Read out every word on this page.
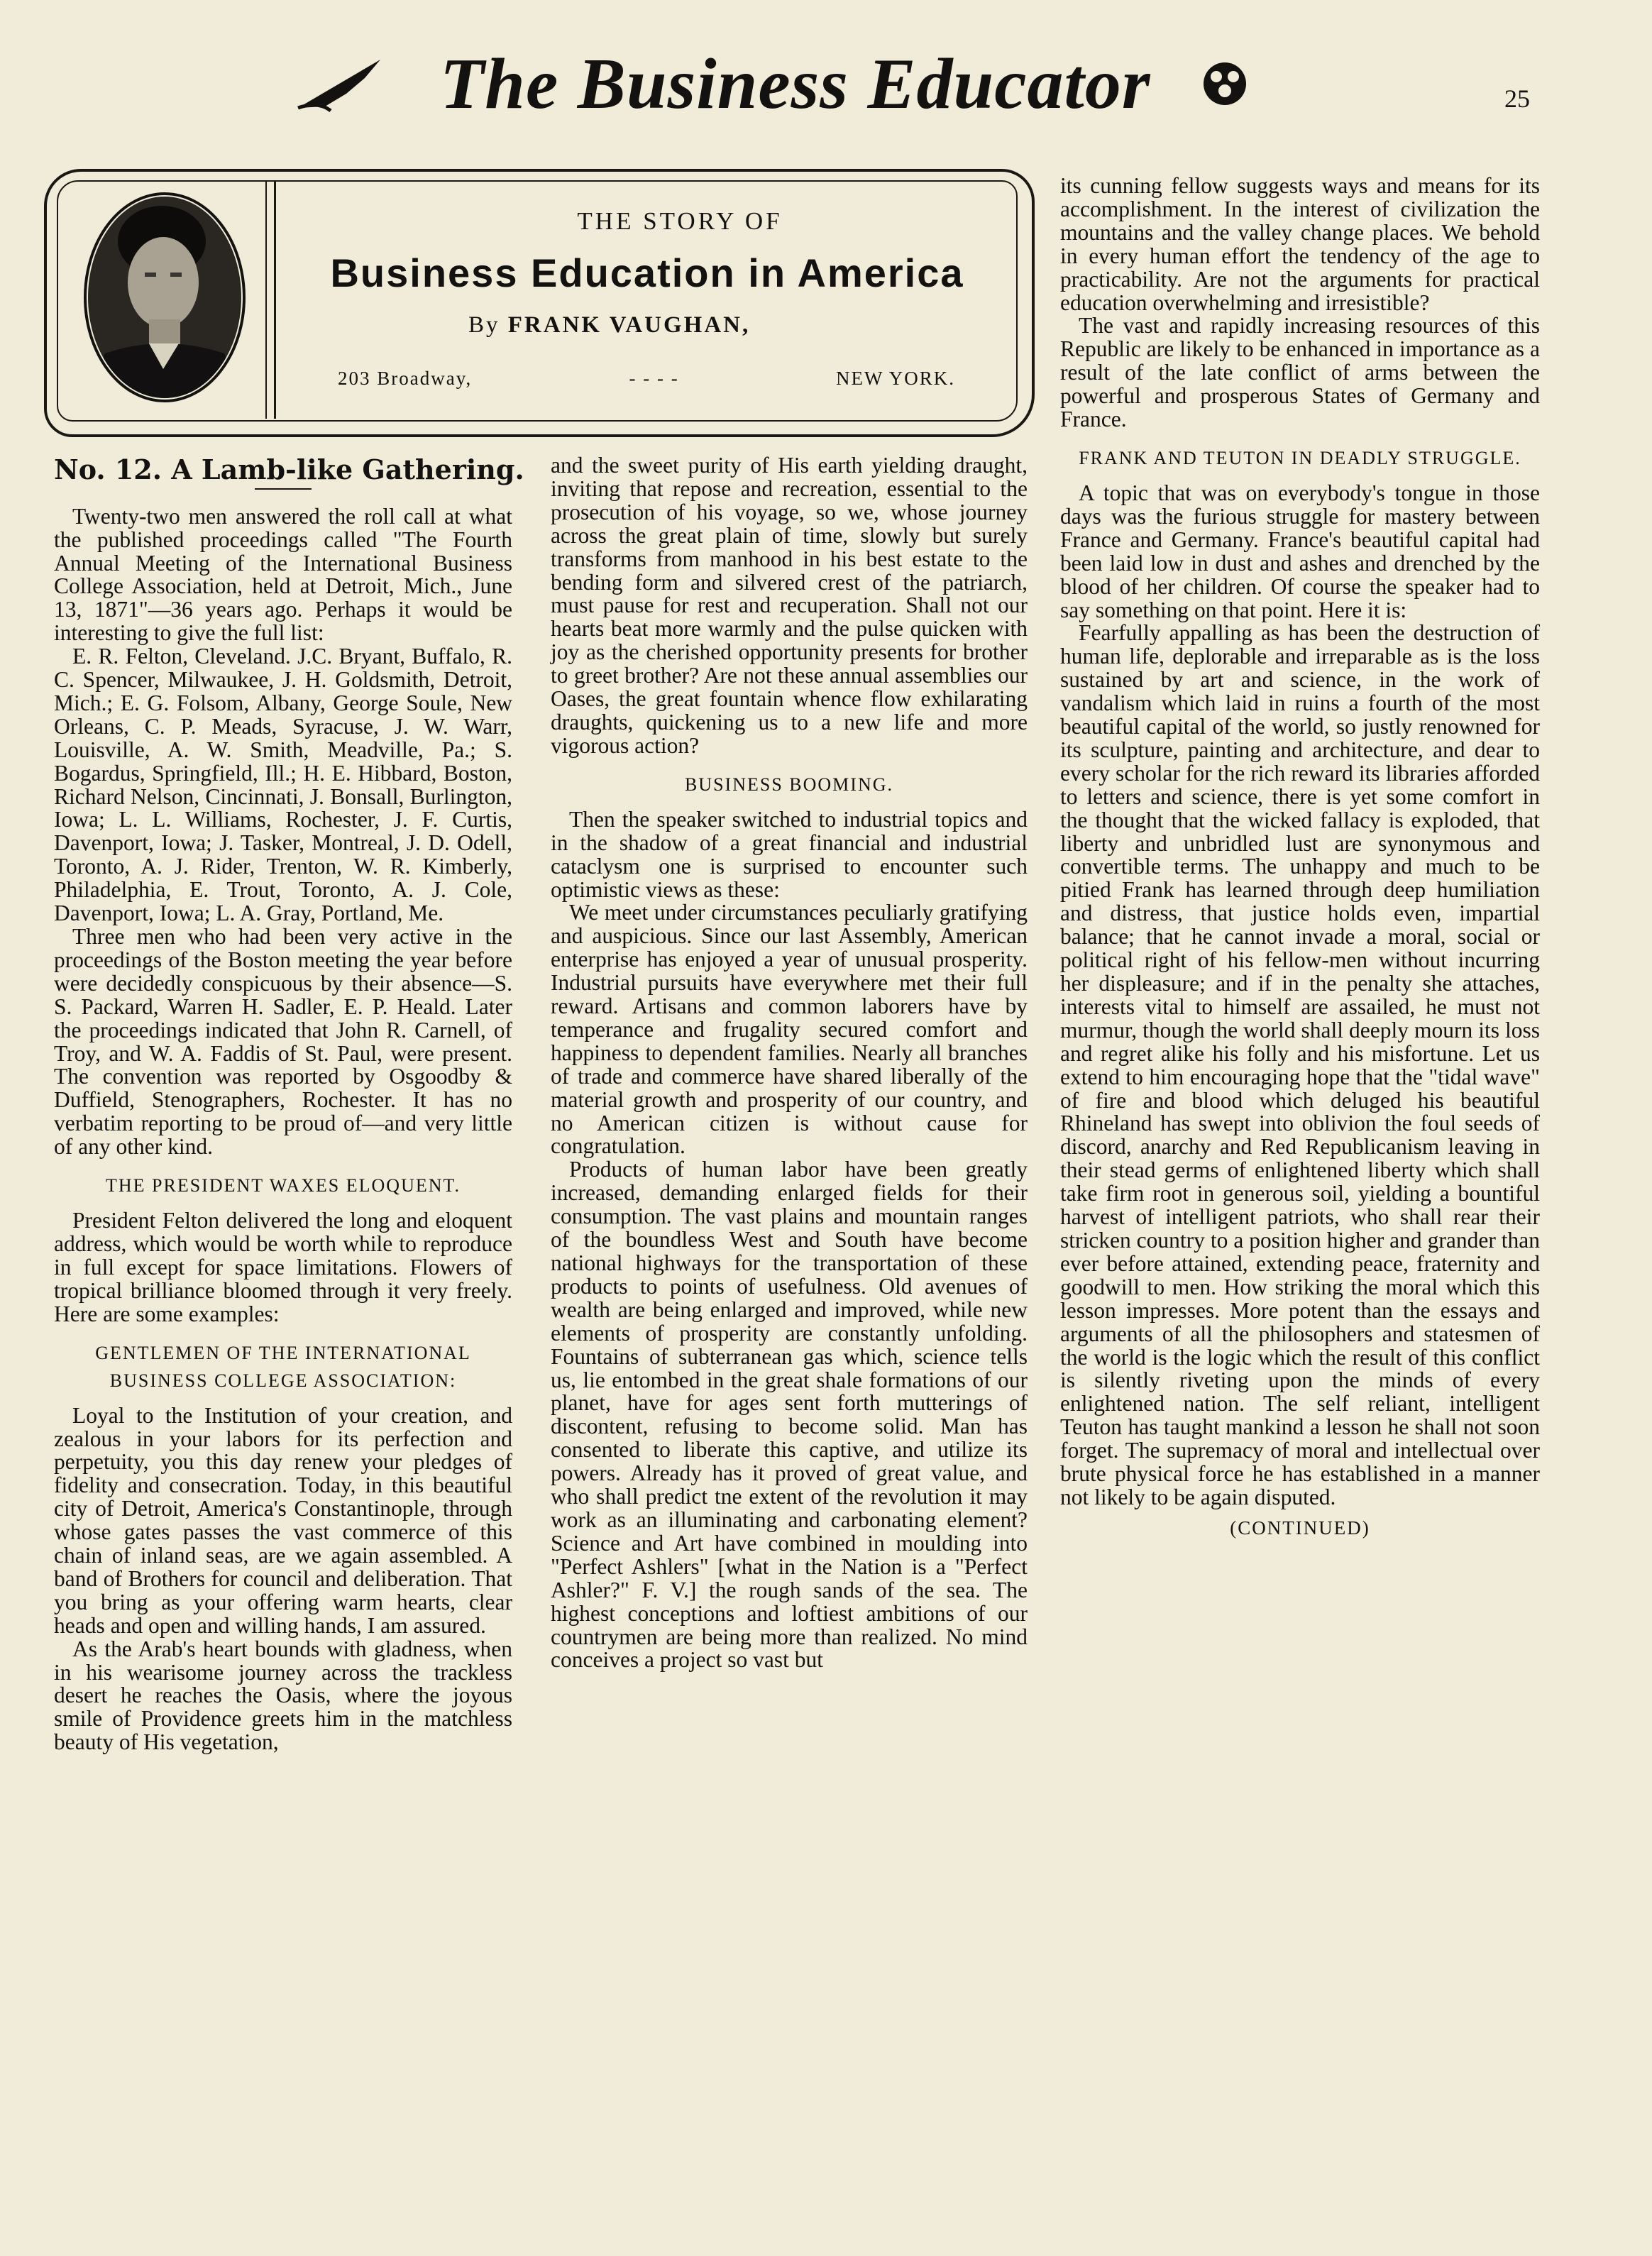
The Business Educator	25
THE STORY OF
Business Education in America
By FRANK VAUGHAN,
203 Broadway,	- - - -	NEW YORK.
No. 12. A Lamb-like Gathering.

Twenty-two men answered the roll call at what the published proceedings called "The Fourth Annual Meeting of the International Business College Association, held at Detroit, Mich., June 13, 1871"—36 years ago. Perhaps it would be interesting to give the full list:

E. R. Felton, Cleveland. J.C. Bryant, Buffalo, R. C. Spencer, Milwaukee, J. H. Goldsmith, Detroit, Mich.; E. G. Folsom, Albany, George Soule, New Orleans, C. P. Meads, Syracuse, J. W. Warr, Louisville, A. W. Smith, Meadville, Pa.; S. Bogardus, Springfield, Ill.; H. E. Hibbard, Boston, Richard Nelson, Cincinnati, J. Bonsall, Burlington, Iowa; L. L. Williams, Rochester, J. F. Curtis, Davenport, Iowa; J. Tasker, Montreal, J. D. Odell, Toronto, A. J. Rider, Trenton, W. R. Kimberly, Philadelphia, E. Trout, Toronto, A. J. Cole, Davenport, Iowa; L. A. Gray, Portland, Me.

Three men who had been very active in the proceedings of the Boston meeting the year before were decidedly conspicuous by their absence—S. S. Packard, Warren H. Sadler, E. P. Heald. Later the proceedings indicated that John R. Carnell, of Troy, and W. A. Faddis of St. Paul, were present. The convention was reported by Osgoodby & Duffield, Stenographers, Rochester. It has no verbatim reporting to be proud of—and very little of any other kind.

THE PRESIDENT WAXES ELOQUENT.

President Felton delivered the long and eloquent address, which would be worth while to reproduce in full except for space limitations. Flowers of tropical brilliance bloomed through it very freely. Here are some examples:

GENTLEMEN OF THE INTERNATIONAL BUSINESS COLLEGE ASSOCIATION:

Loyal to the Institution of your creation, and zealous in your labors for its perfection and perpetuity, you this day renew your pledges of fidelity and consecration. Today, in this beautiful city of Detroit, America's Constantinople, through whose gates passes the vast commerce of this chain of inland seas, are we again assembled. A band of Brothers for council and deliberation. That you bring as your offering warm hearts, clear heads and open and willing hands, I am assured.

As the Arab's heart bounds with gladness, when in his wearisome journey across the trackless desert he reaches the Oasis, where the joyous smile of Providence greets him in the matchless beauty of His vegetation,

and the sweet purity of His earth yielding draught, inviting that repose and recreation, essential to the prosecution of his voyage, so we, whose journey across the great plain of time, slowly but surely transforms from manhood in his best estate to the bending form and silvered crest of the patriarch, must pause for rest and recuperation. Shall not our hearts beat more warmly and the pulse quicken with joy as the cherished opportunity presents for brother to greet brother? Are not these annual assemblies our Oases, the great fountain whence flow exhilarating draughts, quickening us to a new life and more vigorous action?

BUSINESS BOOMING.

Then the speaker switched to industrial topics and in the shadow of a great financial and industrial cataclysm one is surprised to encounter such optimistic views as these:

We meet under circumstances peculiarly gratifying and auspicious. Since our last Assembly, American enterprise has enjoyed a year of unusual prosperity. Industrial pursuits have everywhere met their full reward. Artisans and common laborers have by temperance and frugality secured comfort and happiness to dependent families. Nearly all branches of trade and commerce have shared liberally of the material growth and prosperity of our country, and no American citizen is without cause for congratulation.

Products of human labor have been greatly increased, demanding enlarged fields for their consumption. The vast plains and mountain ranges of the boundless West and South have become national highways for the transportation of these products to points of usefulness. Old avenues of wealth are being enlarged and improved, while new elements of prosperity are constantly unfolding. Fountains of subterranean gas which, science tells us, lie entombed in the great shale formations of our planet, have for ages sent forth mutterings of discontent, refusing to become solid. Man has consented to liberate this captive, and utilize its powers. Already has it proved of great value, and who shall predict tne extent of the revolution it may work as an illuminating and carbonating element? Science and Art have combined in moulding into "Perfect Ashlers" [what in the Nation is a "Perfect Ashler?" F. V.] the rough sands of the sea. The highest conceptions and loftiest ambitions of our countrymen are being more than realized. No mind conceives a project so vast but

its cunning fellow suggests ways and means for its accomplishment. In the interest of civilization the mountains and the valley change places. We behold in every human effort the tendency of the age to practicability. Are not the arguments for practical education overwhelming and irresistible?

The vast and rapidly increasing resources of this Republic are likely to be enhanced in importance as a result of the late conflict of arms between the powerful and prosperous States of Germany and France.

FRANK AND TEUTON IN DEADLY STRUGGLE.

A topic that was on everybody's tongue in those days was the furious struggle for mastery between France and Germany. France's beautiful capital had been laid low in dust and ashes and drenched by the blood of her children. Of course the speaker had to say something on that point. Here it is:

Fearfully appalling as has been the destruction of human life, deplorable and irreparable as is the loss sustained by art and science, in the work of vandalism which laid in ruins a fourth of the most beautiful capital of the world, so justly renowned for its sculpture, painting and architecture, and dear to every scholar for the rich reward its libraries afforded to letters and science, there is yet some comfort in the thought that the wicked fallacy is exploded, that liberty and unbridled lust are synonymous and convertible terms. The unhappy and much to be pitied Frank has learned through deep humiliation and distress, that justice holds even, impartial balance; that he cannot invade a moral, social or political right of his fellow-men without incurring her displeasure; and if in the penalty she attaches, interests vital to himself are assailed, he must not murmur, though the world shall deeply mourn its loss and regret alike his folly and his misfortune. Let us extend to him encouraging hope that the "tidal wave" of fire and blood which deluged his beautiful Rhineland has swept into oblivion the foul seeds of discord, anarchy and Red Republicanism leaving in their stead germs of enlightened liberty which shall take firm root in generous soil, yielding a bountiful harvest of intelligent patriots, who shall rear their stricken country to a position higher and grander than ever before attained, extending peace, fraternity and goodwill to men. How striking the moral which this lesson impresses. More potent than the essays and arguments of all the philosophers and statesmen of the world is the logic which the result of this conflict is silently riveting upon the minds of every enlightened nation. The self reliant, intelligent Teuton has taught mankind a lesson he shall not soon forget. The supremacy of moral and intellectual over brute physical force he has established in a manner not likely to be again disputed.

(CONTINUED)
